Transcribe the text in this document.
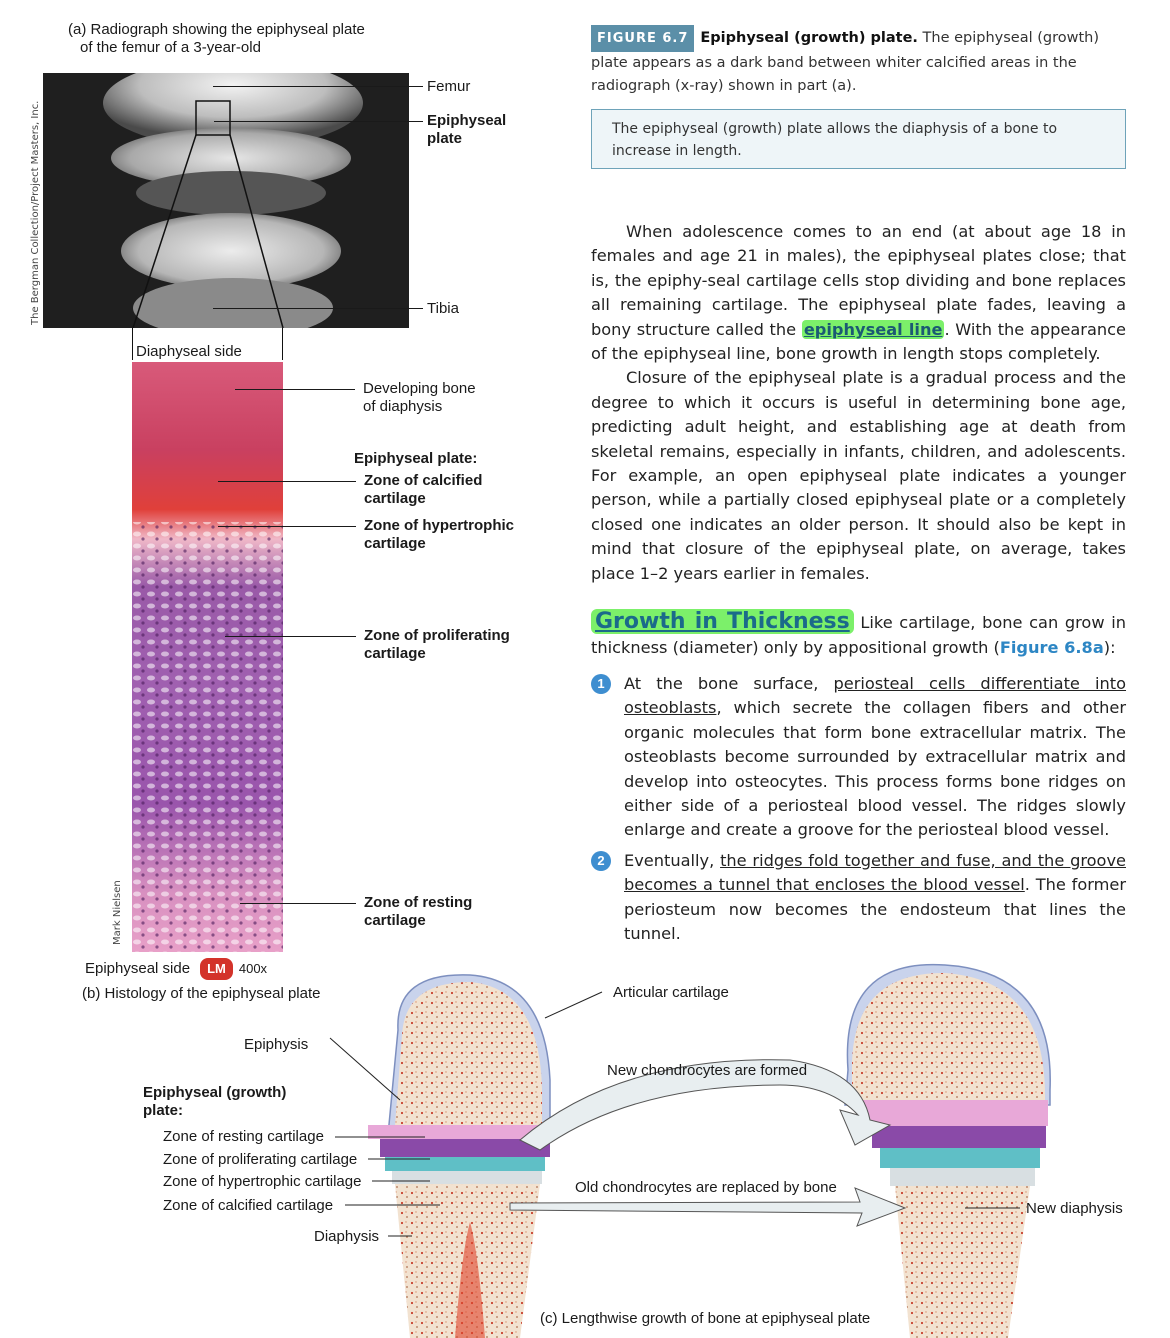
(a) Radiograph showing the epiphyseal plate
of the femur of a 3-year-old
The Bergman Collection/Project Masters, Inc.
Femur
Epiphyseal
plate
Tibia
Diaphyseal side
Mark Nielsen
Developing bone
of diaphysis
Epiphyseal plate:
Zone of calcified
cartilage
Zone of hypertrophic
cartilage
Zone of proliferating
cartilage
Zone of resting
cartilage
Epiphyseal side LM 400x
(b) Histology of the epiphyseal plate
FIGURE 6.7 Epiphyseal (growth) plate. The epiphyseal (growth) plate appears as a dark band between whiter calcified areas in the radiograph (x-ray) shown in part (a).
The epiphyseal (growth) plate allows the diaphysis of a bone to increase in length.

When adolescence comes to an end (at about age 18 in females and age 21 in males), the epiphyseal plates close; that is, the epiphy-seal cartilage cells stop dividing and bone replaces all remaining cartilage. The epiphyseal plate fades, leaving a bony structure called the epiphyseal line . With the appearance of the epiphyseal line, bone growth in length stops completely.

Closure of the epiphyseal plate is a gradual process and the degree to which it occurs is useful in determining bone age, predicting adult height, and establishing age at death from skeletal remains, especially in infants, children, and adolescents. For example, an open epiphyseal plate indicates a younger person, while a partially closed epiphyseal plate or a completely closed one indicates an older person. It should also be kept in mind that closure of the epiphyseal plate, on average, takes place 1–2 years earlier in females.

Growth in Thickness Like cartilage, bone can grow in thickness (diameter) only by appositional growth (Figure 6.8a):

1	At the bone surface, periosteal cells differentiate into osteoblasts, which secrete the collagen fibers and other organic molecules that form bone extracellular matrix. The osteoblasts become surrounded by extracellular matrix and develop into osteocytes. This process forms bone ridges on either side of a periosteal blood vessel. The ridges slowly enlarge and create a groove for the periosteal blood vessel.
2	Eventually, the ridges fold together and fuse, and the groove becomes a tunnel that encloses the blood vessel. The former periosteum now becomes the endosteum that lines the tunnel.
Epiphysis
Epiphyseal (growth)
plate:
Zone of resting cartilage
Zone of proliferating cartilage
Zone of hypertrophic cartilage
Zone of calcified cartilage
Diaphysis
Articular cartilage
New chondrocytes are formed
Old chondrocytes are replaced by bone
New diaphysis
(c) Lengthwise growth of bone at epiphyseal plate
